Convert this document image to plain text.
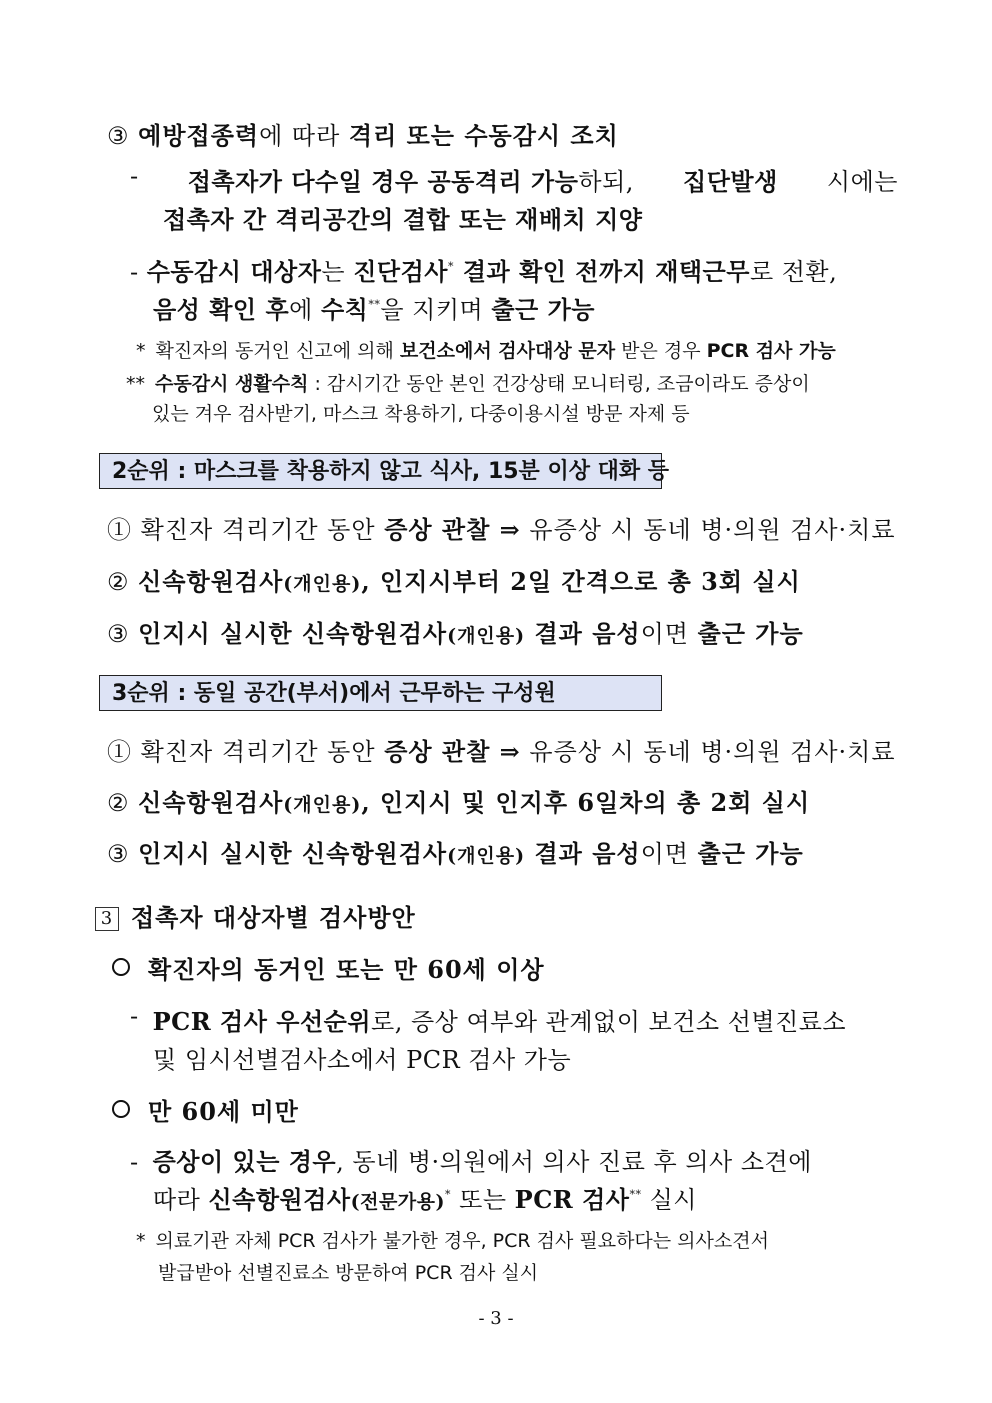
③ 예방접종력에 따라 격리 또는 수동감시 조치
- 접촉자가 다수일 경우 공동격리 가능하되, 집단발생 시에는
접촉자 간 격리공간의 결합 또는 재배치 지양
- 수동감시 대상자는 진단검사* 결과 확인 전까지 재택근무로 전환,
음성 확인 후에 수칙**을 지키며 출근 가능
* 확진자의 동거인 신고에 의해 보건소에서 검사대상 문자 받은 경우 PCR 검사 가능
** 수동감시 생활수칙 : 감시기간 동안 본인 건강상태 모니터링, 조금이라도 증상이
있는 겨우 검사받기, 마스크 착용하기, 다중이용시설 방문 자제 등
2순위 : 마스크를 착용하지 않고 식사, 15분 이상 대화 등
① 확진자 격리기간 동안 증상 관찰 ⇒ 유증상 시 동네 병·의원 검사·치료
② 신속항원검사(개인용), 인지시부터 2일 간격으로 총 3회 실시
③ 인지시 실시한 신속항원검사(개인용) 결과 음성이면 출근 가능
3순위 : 동일 공간(부서)에서 근무하는 구성원
① 확진자 격리기간 동안 증상 관찰 ⇒ 유증상 시 동네 병·의원 검사·치료
② 신속항원검사(개인용), 인지시 및 인지후 6일차의 총 2회 실시
③ 인지시 실시한 신속항원검사(개인용) 결과 음성이면 출근 가능
3 접촉자 대상자별 검사방안
확진자의 동거인 또는 만 60세 이상
- PCR 검사 우선순위로, 증상 여부와 관계없이 보건소 선별진료소
및 임시선별검사소에서 PCR 검사 가능
만 60세 미만
- 증상이 있는 경우, 동네 병·의원에서 의사 진료 후 의사 소견에
따라 신속항원검사(전문가용)* 또는 PCR 검사** 실시
* 의료기관 자체 PCR 검사가 불가한 경우, PCR 검사 필요하다는 의사소견서
발급받아 선별진료소 방문하여 PCR 검사 실시
- 3 -
